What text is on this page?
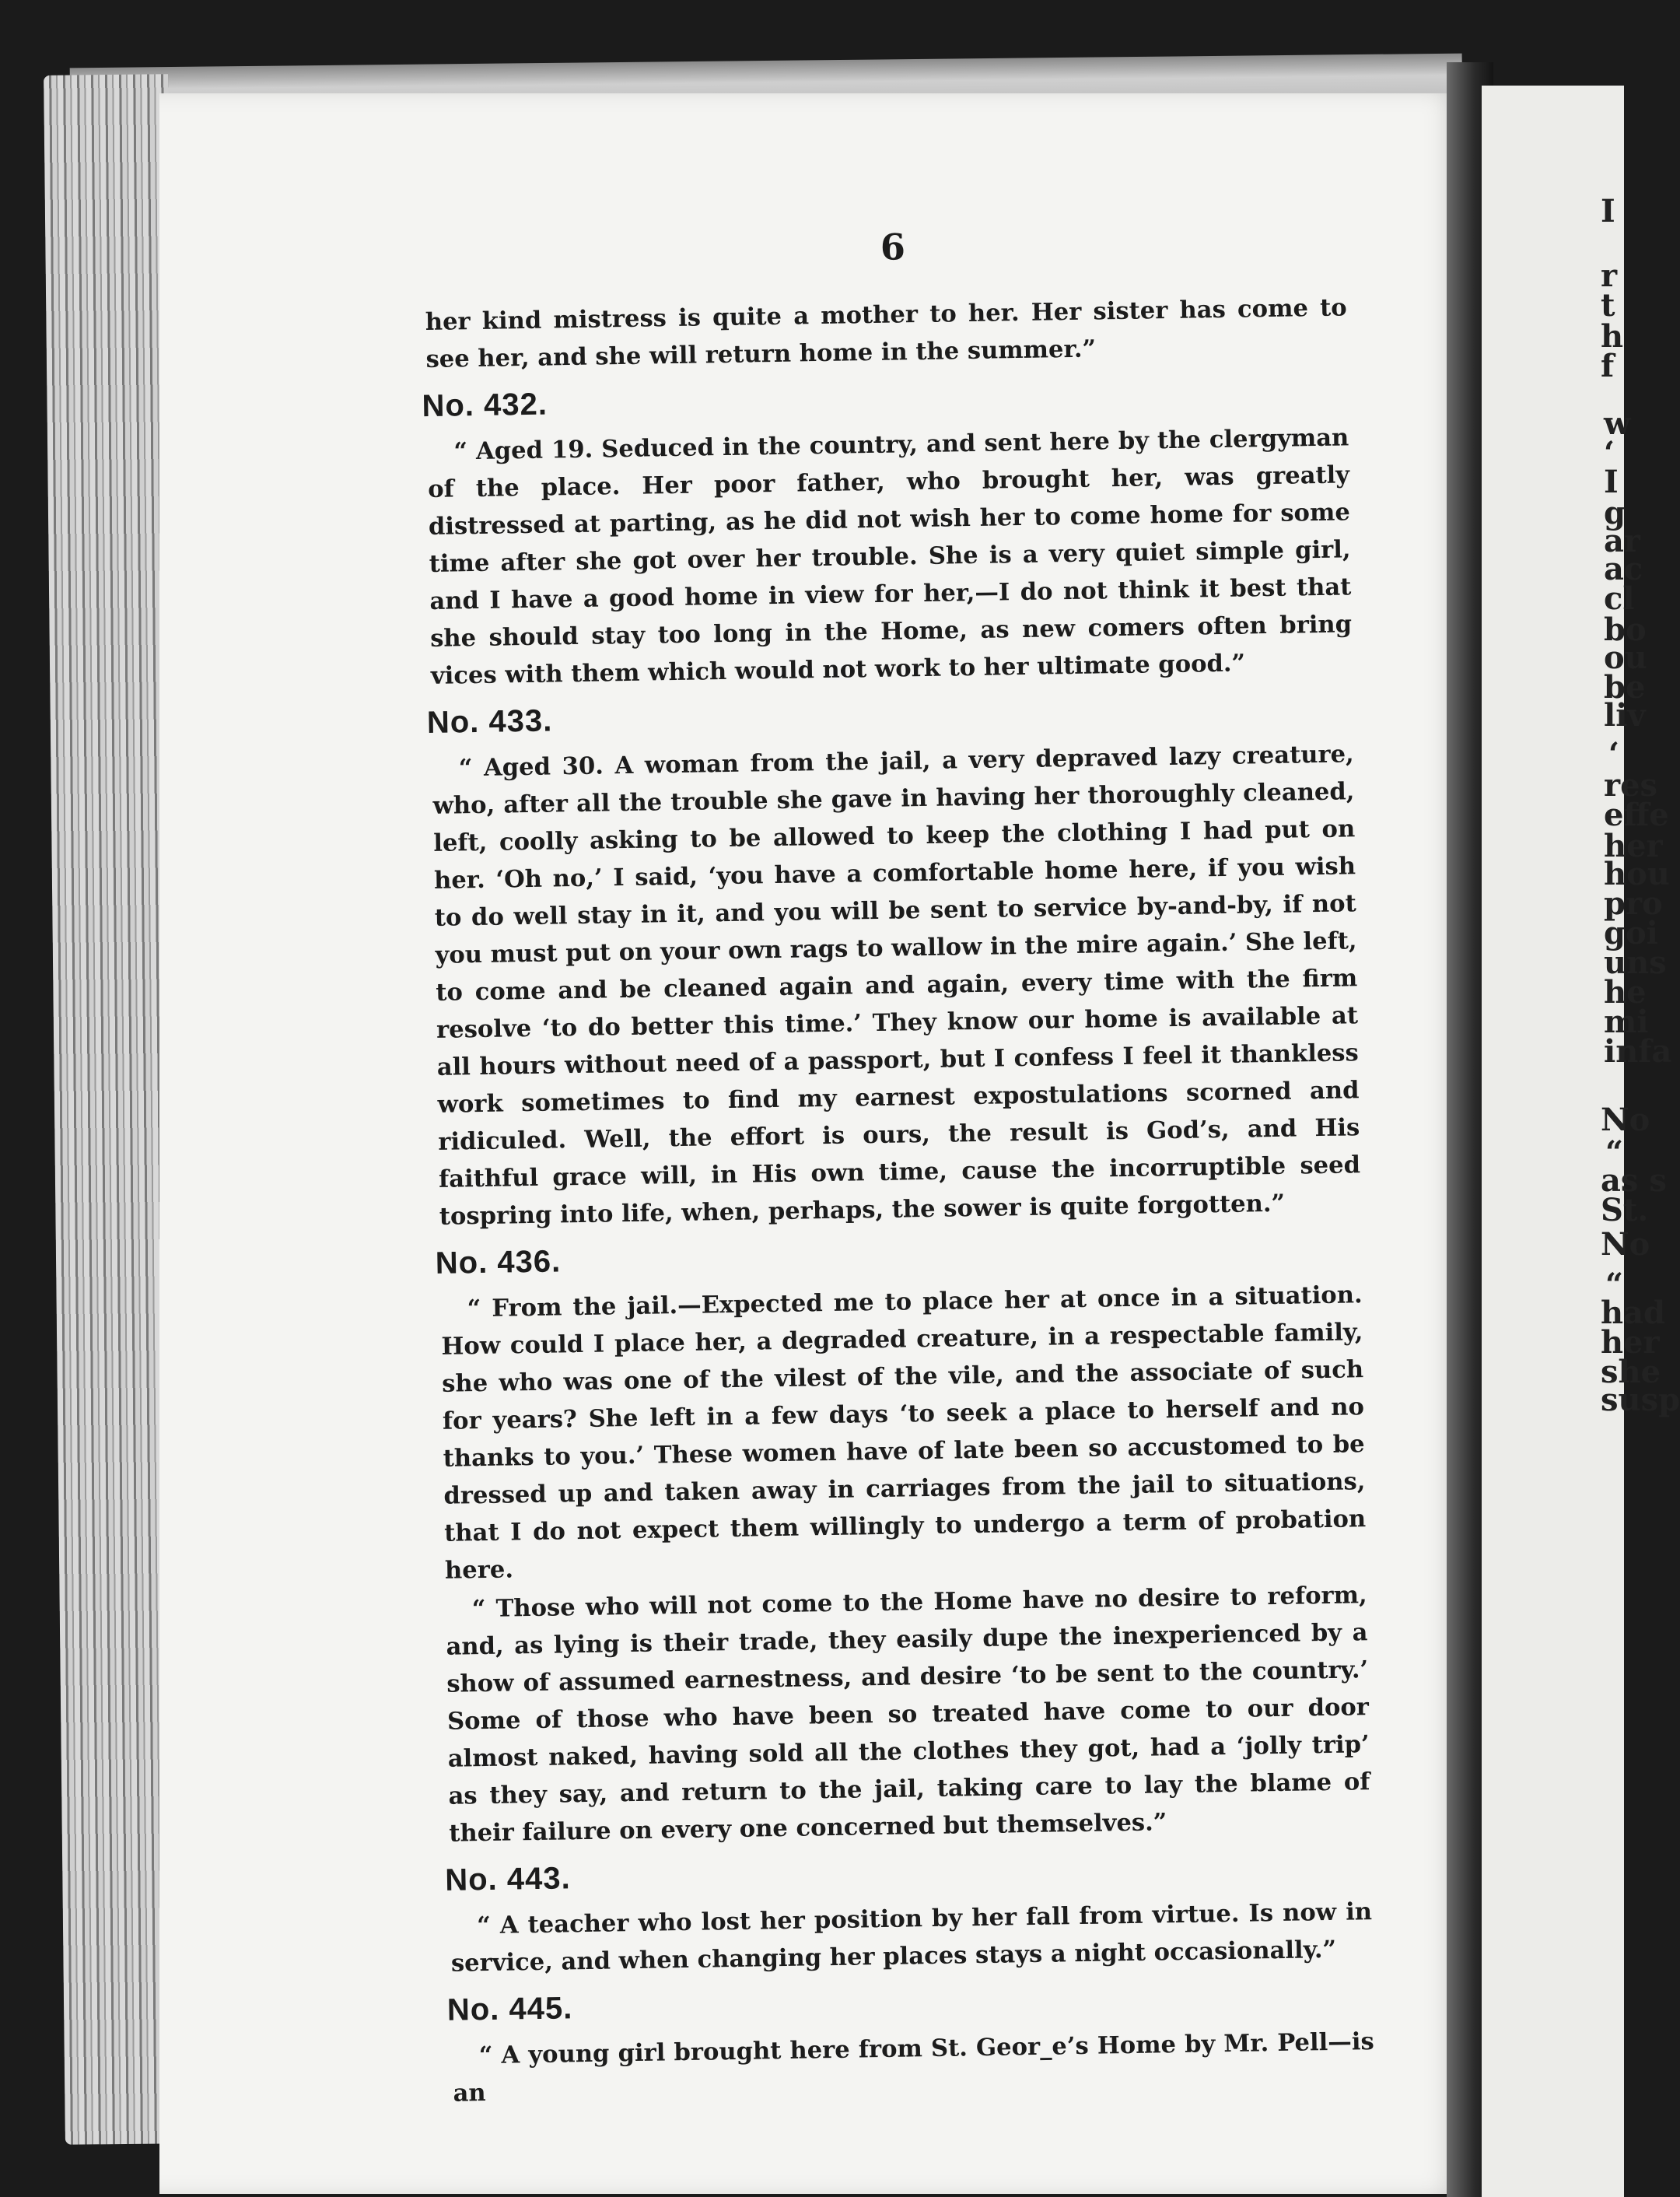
I
r
t
h
f
w
‘
I
g
ar
ac
cl
bo
ou
be
liv
‘
res
effe
her
hou
pro
goi
uns
he
mi
infa
No
“
as s
St.
No
“
had
her
she
susp
6

her kind mistress is quite a mother to her. Her sister has come to see her, and she will return home in the summer.”

No. 432.

“ Aged 19. Seduced in the country, and sent here by the clergyman of the place. Her poor father, who brought her, was greatly distressed at parting, as he did not wish her to come home for some time after she got over her trouble. She is a very quiet simple girl, and I have a good home in view for her,—I do not think it best that she should stay too long in the Home, as new comers often bring vices with them which would not work to her ultimate good.”

No. 433.

“ Aged 30. A woman from the jail, a very depraved lazy creature, who, after all the trouble she gave in having her thoroughly cleaned, left, coolly asking to be allowed to keep the clothing I had put on her. ‘Oh no,’ I said, ‘you have a comfortable home here, if you wish to do well stay in it, and you will be sent to service by-and-by, if not you must put on your own rags to wallow in the mire again.’ She left, to come and be cleaned again and again, every time with the firm resolve ‘to do better this time.’ They know our home is available at all hours without need of a passport, but I confess I feel it thankless work sometimes to find my earnest expostulations scorned and ridiculed. Well, the effort is ours, the result is God’s, and His faithful grace will, in His own time, cause the incorruptible seed tospring into life, when, perhaps, the sower is quite forgotten.”

No. 436.

“ From the jail.—Expected me to place her at once in a situation. How could I place her, a degraded creature, in a respectable family, she who was one of the vilest of the vile, and the associate of such for years? She left in a few days ‘to seek a place to herself and no thanks to you.’ These women have of late been so accustomed to be dressed up and taken away in carriages from the jail to situations, that I do not expect them willingly to undergo a term of probation here.

“ Those who will not come to the Home have no desire to reform, and, as lying is their trade, they easily dupe the inexperienced by a show of assumed earnestness, and desire ‘to be sent to the country.’ Some of those who have been so treated have come to our door almost naked, having sold all the clothes they got, had a ‘jolly trip’ as they say, and return to the jail, taking care to lay the blame of their failure on every one concerned but themselves.”

No. 443.

“ A teacher who lost her position by her fall from virtue. Is now in service, and when changing her places stays a night occasionally.”

No. 445.

“ A young girl brought here from St. Geor_e’s Home by Mr. Pell—is an
